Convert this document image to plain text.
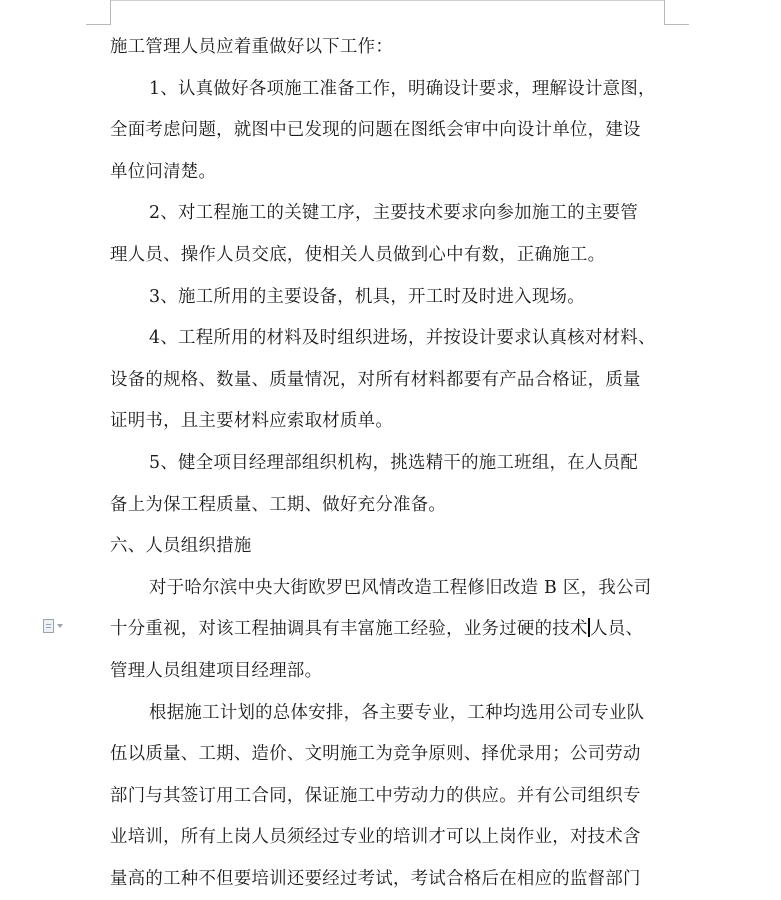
施工管理人员应着重做好以下工作：
1、认真做好各项施工准备工作，明确设计要求，理解设计意图，
全面考虑问题，就图中已发现的问题在图纸会审中向设计单位，建设
单位问清楚。
2、对工程施工的关键工序，主要技术要求向参加施工的主要管
理人员、操作人员交底，使相关人员做到心中有数，正确施工。
3、施工所用的主要设备，机具，开工时及时进入现场。
4、工程所用的材料及时组织进场，并按设计要求认真核对材料、
设备的规格、数量、质量情况，对所有材料都要有产品合格证，质量
证明书，且主要材料应索取材质单。
5、健全项目经理部组织机构，挑选精干的施工班组，在人员配
备上为保工程质量、工期、做好充分准备。
六、人员组织措施
对于哈尔滨中央大街欧罗巴风情改造工程修旧改造 B 区，我公司
十分重视，对该工程抽调具有丰富施工经验，业务过硬的技术 人员、
管理人员组建项目经理部。
根据施工计划的总体安排，各主要专业，工种均选用公司专业队
伍以质量、工期、造价、文明施工为竞争原则、择优录用；公司劳动
部门与其签订用工合同，保证施工中劳动力的供应。并有公司组织专
业培训，所有上岗人员须经过专业的培训才可以上岗作业，对技术含
量高的工种不但要培训还要经过考试，考试合格后在相应的监督部门
